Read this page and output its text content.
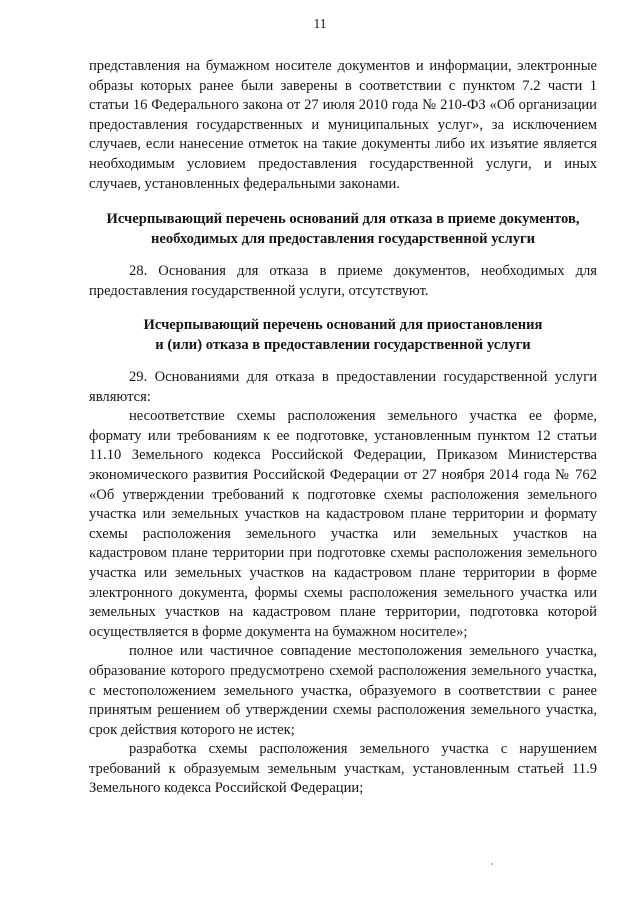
11

представления на бумажном носителе документов и информации, электронные образы которых ранее были заверены в соответствии с пунктом 7.2 части 1 статьи 16 Федерального закона от 27 июля 2010 года № 210-ФЗ «Об организации предоставления государственных и муниципальных услуг», за исключением случаев, если нанесение отметок на такие документы либо их изъятие является необходимым условием предоставления государственной услуги, и иных случаев, установленных федеральными законами.

Исчерпывающий перечень оснований для отказа в приеме документов,
необходимых для предоставления государственной услуги

28. Основания для отказа в приеме документов, необходимых для предоставления государственной услуги, отсутствуют.

Исчерпывающий перечень оснований для приостановления
и (или) отказа в предоставлении государственной услуги

29. Основаниями для отказа в предоставлении государственной услуги являются:

несоответствие схемы расположения земельного участка ее форме, формату или требованиям к ее подготовке, установленным пунктом 12 статьи 11.10 Земельного кодекса Российской Федерации, Приказом Министерства экономического развития Российской Федерации от 27 ноября 2014 года № 762 «Об утверждении требований к подготовке схемы расположения земельного участка или земельных участков на кадастровом плане территории и формату схемы расположения земельного участка или земельных участков на кадастровом плане территории при подготовке схемы расположения земельного участка или земельных участков на кадастровом плане территории в форме электронного документа, формы схемы расположения земельного участка или земельных участков на кадастровом плане территории, подготовка которой осуществляется в форме документа на бумажном носителе»;

полное или частичное совпадение местоположения земельного участка, образование которого предусмотрено схемой расположения земельного участка, с местоположением земельного участка, образуемого в соответствии с ранее принятым решением об утверждении схемы расположения земельного участка, срок действия которого не истек;

разработка схемы расположения земельного участка с нарушением требований к образуемым земельным участкам, установленным статьей 11.9 Земельного кодекса Российской Федерации;
